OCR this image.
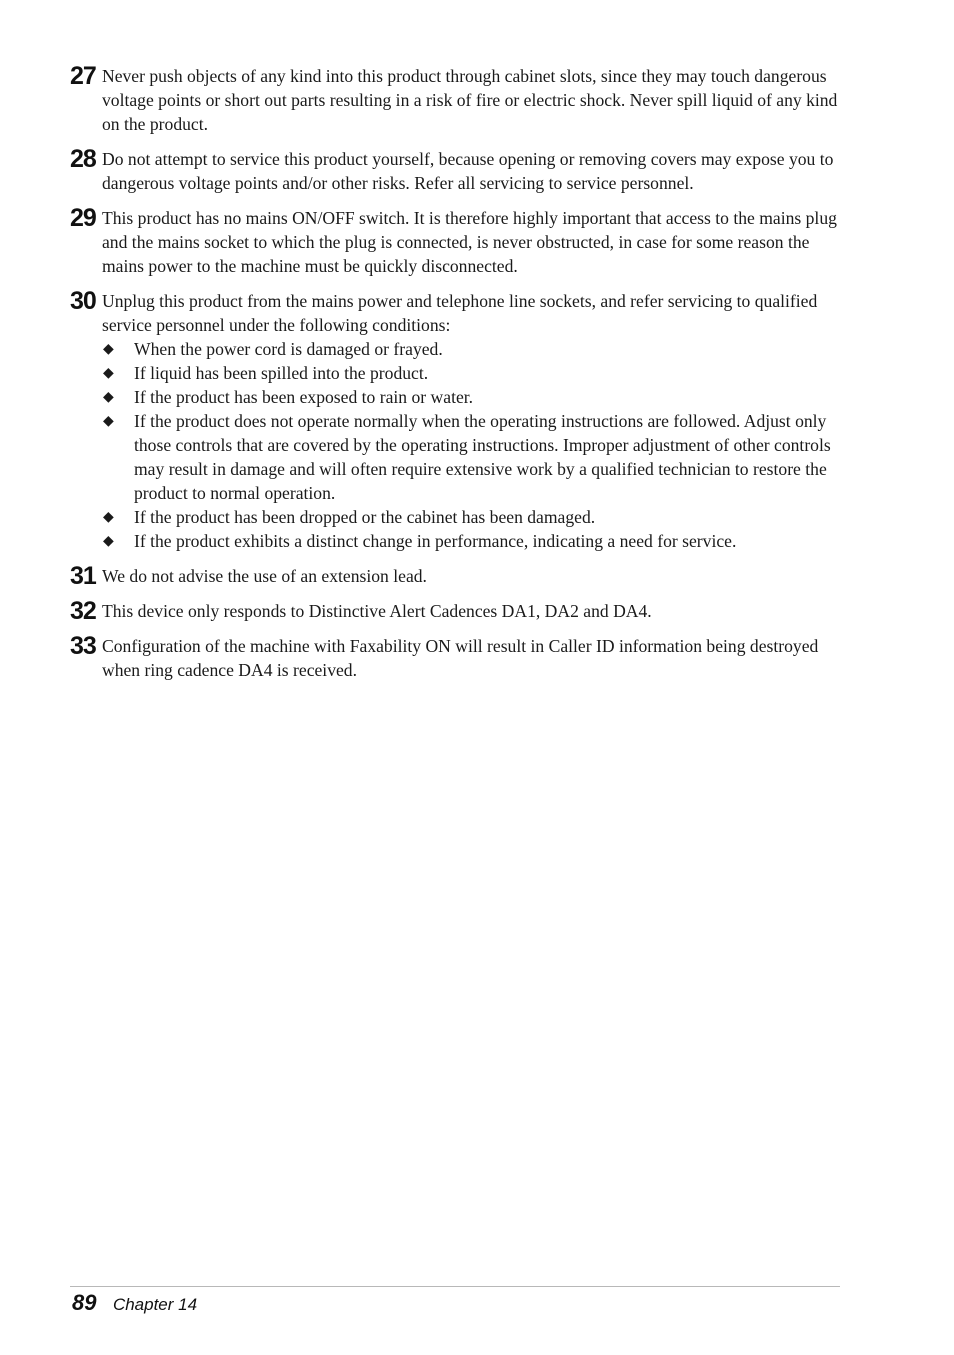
27 Never push objects of any kind into this product through cabinet slots, since they may touch dangerous voltage points or short out parts resulting in a risk of fire or electric shock. Never spill liquid of any kind on the product.
28 Do not attempt to service this product yourself, because opening or removing covers may expose you to dangerous voltage points and/or other risks. Refer all servicing to service personnel.
29 This product has no mains ON/OFF switch. It is therefore highly important that access to the mains plug and the mains socket to which the plug is connected, is never obstructed, in case for some reason the mains power to the machine must be quickly disconnected.
30 Unplug this product from the mains power and telephone line sockets, and refer servicing to qualified service personnel under the following conditions:
◆ When the power cord is damaged or frayed.
◆ If liquid has been spilled into the product.
◆ If the product has been exposed to rain or water.
◆ If the product does not operate normally when the operating instructions are followed. Adjust only those controls that are covered by the operating instructions. Improper adjustment of other controls may result in damage and will often require extensive work by a qualified technician to restore the product to normal operation.
◆ If the product has been dropped or the cabinet has been damaged.
◆ If the product exhibits a distinct change in performance, indicating a need for service.
31 We do not advise the use of an extension lead.
32 This device only responds to Distinctive Alert Cadences DA1, DA2 and DA4.
33 Configuration of the machine with Faxability ON will result in Caller ID information being destroyed when ring cadence DA4 is received.
89 Chapter 14
